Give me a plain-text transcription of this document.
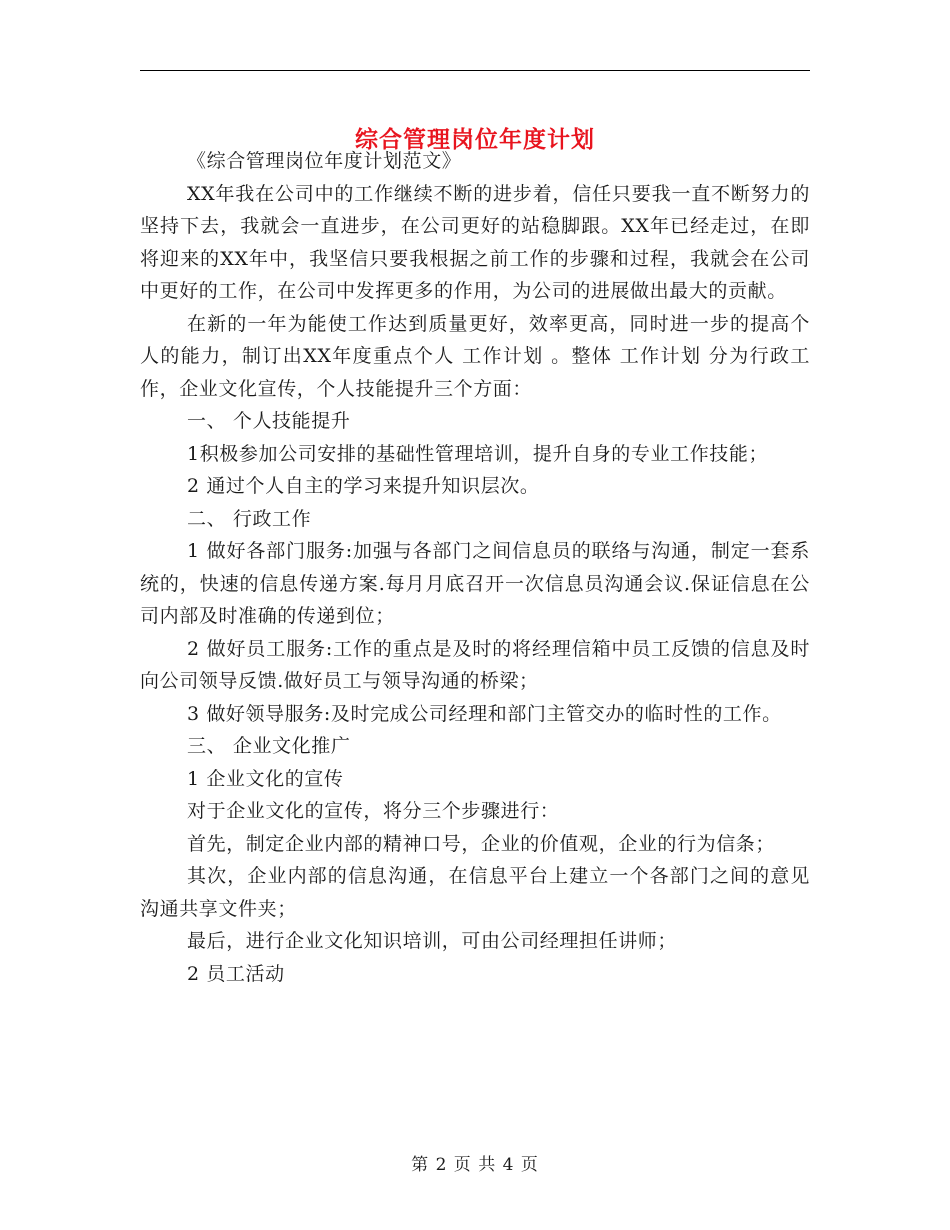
综合管理岗位年度计划

《综合管理岗位年度计划范文》

XX年我在公司中的工作继续不断的进步着，信任只要我一直不断努力的坚持下去，我就会一直进步，在公司更好的站稳脚跟。XX年已经走过，在即将迎来的XX年中，我坚信只要我根据之前工作的步骤和过程，我就会在公司中更好的工作，在公司中发挥更多的作用，为公司的进展做出最大的贡献。

在新的一年为能使工作达到质量更好，效率更高，同时进一步的提高个人的能力，制订出XX年度重点个人 工作计划 。整体 工作计划 分为行政工作，企业文化宣传，个人技能提升三个方面：

一、 个人技能提升

1积极参加公司安排的基础性管理培训，提升自身的专业工作技能；

2 通过个人自主的学习来提升知识层次。

二、 行政工作

1 做好各部门服务:加强与各部门之间信息员的联络与沟通，制定一套系统的，快速的信息传递方案.每月月底召开一次信息员沟通会议.保证信息在公司内部及时准确的传递到位；

2 做好员工服务:工作的重点是及时的将经理信箱中员工反馈的信息及时向公司领导反馈.做好员工与领导沟通的桥梁；

3 做好领导服务:及时完成公司经理和部门主管交办的临时性的工作。

三、 企业文化推广

1 企业文化的宣传

对于企业文化的宣传，将分三个步骤进行：

首先，制定企业内部的精神口号，企业的价值观，企业的行为信条；

其次，企业内部的信息沟通，在信息平台上建立一个各部门之间的意见沟通共享文件夹；

最后，进行企业文化知识培训，可由公司经理担任讲师；

2 员工活动

第 2 页 共 4 页
